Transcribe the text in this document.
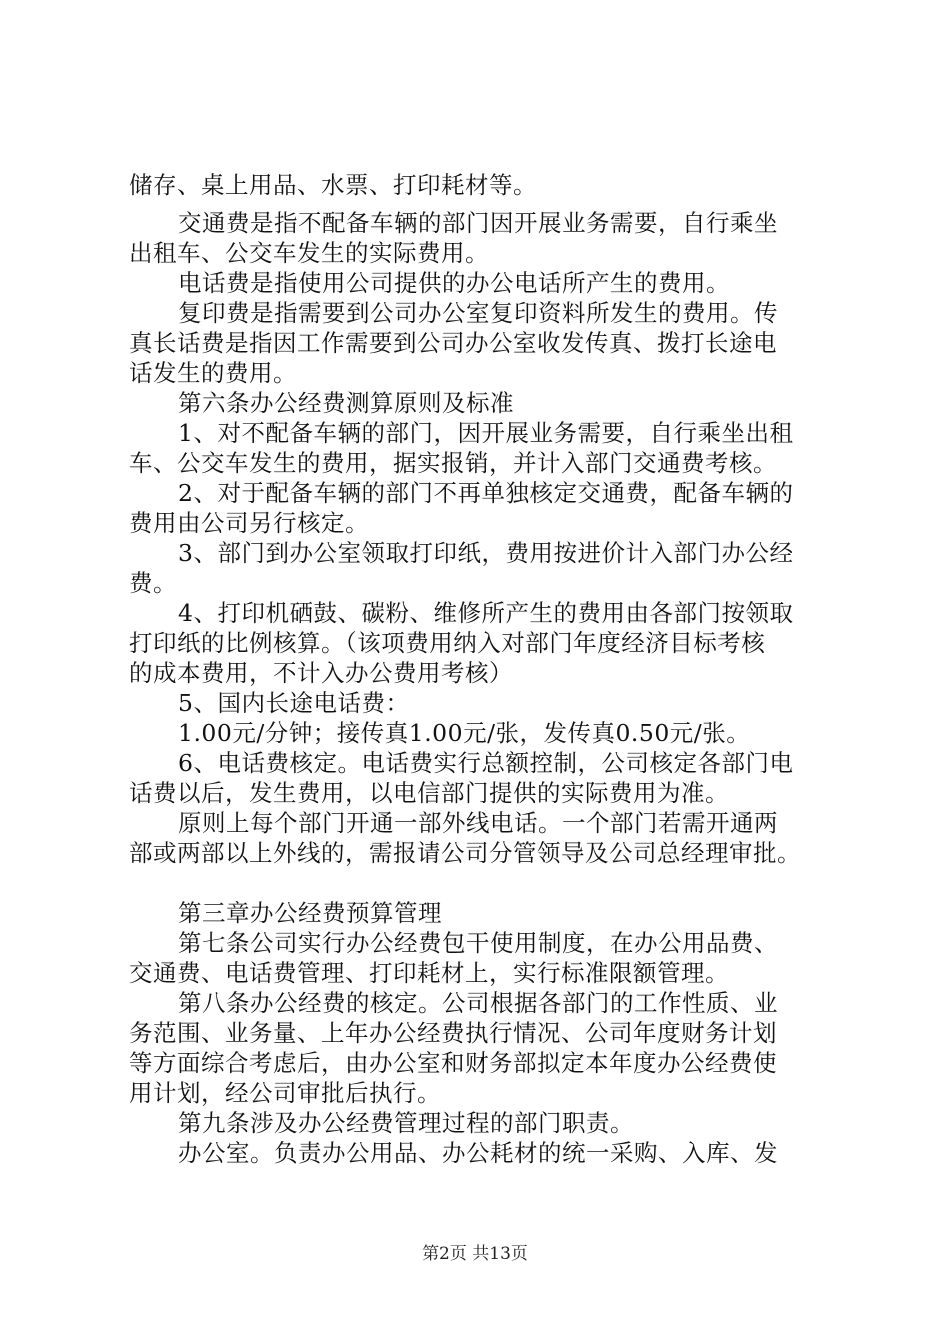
储存、桌上用品、水票、打印耗材等。
交通费是指不配备车辆的部门因开展业务需要，自行乘坐
出租车、公交车发生的实际费用。
电话费是指使用公司提供的办公电话所产生的费用。
复印费是指需要到公司办公室复印资料所发生的费用。传
真长话费是指因工作需要到公司办公室收发传真、拨打长途电
话发生的费用。
第六条办公经费测算原则及标准
1、对不配备车辆的部门，因开展业务需要，自行乘坐出租
车、公交车发生的费用，据实报销，并计入部门交通费考核。
2、对于配备车辆的部门不再单独核定交通费，配备车辆的
费用由公司另行核定。
3、部门到办公室领取打印纸，费用按进价计入部门办公经
费。
4、打印机硒鼓、碳粉、维修所产生的费用由各部门按领取
打印纸的比例核算。（该项费用纳入对部门年度经济目标考核
的成本费用，不计入办公费用考核）
5、国内长途电话费：
1.00元/分钟；接传真1.00元/张，发传真0.50元/张。
6、电话费核定。电话费实行总额控制，公司核定各部门电
话费以后，发生费用，以电信部门提供的实际费用为准。
原则上每个部门开通一部外线电话。一个部门若需开通两
部或两部以上外线的，需报请公司分管领导及公司总经理审批。
第三章办公经费预算管理
第七条公司实行办公经费包干使用制度，在办公用品费、
交通费、电话费管理、打印耗材上，实行标准限额管理。
第八条办公经费的核定。公司根据各部门的工作性质、业
务范围、业务量、上年办公经费执行情况、公司年度财务计划
等方面综合考虑后，由办公室和财务部拟定本年度办公经费使
用计划，经公司审批后执行。
第九条涉及办公经费管理过程的部门职责。
办公室。负责办公用品、办公耗材的统一采购、入库、发
第2页 共13页
